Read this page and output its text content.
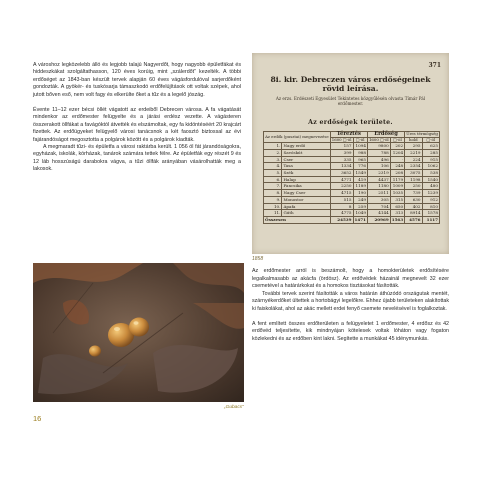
A városhoz legközelebb álló és legjobb talajú Nagyerdőt, hogy nagyobb épületfákat és hiddeszkákat szolgáltathasson, 120 éves korúig, mint „szálerdőt” kezelték. A többi erdőséget az 1843-ban készült tervek alapján 60 éves vágásfordulóval sarjerdőként gondozták. A gyökér- és tuskósarja támaszkodó erdőfelújítások ott voltak szépek, ahol jutott bőven eső, nem volt fagy és elkerülte őket a tűz és a legelő jószág.

Évente 11–12 ezer bécsi öllét vágatott az erdeiből Debrecen városa. A fa vágatását mindenkor az erdőmester felügyelte és a járási erdész vezette. A vágásteren összerakott öllfákat a favágóktól átvették és elszámoltak, egy fa kidöntéséért 20 krajcárt fizettek. Az erdőügyeket felügyelő városi tanácsnok a két faosztó biztossal az évi fajárandóságot megosztotta a polgárok között és a polgárok kiadták.

A megmaradt tűzi- és épületfa a városi raktárba került. 1 056 öl fát járandóságokra, egyházak, iskolák, kórházak, tanárok számára tettek félre. Az épületfák egy részét 9 és 12 láb hosszúságú darabokra vágva, a tűzi öllfák arányában vásárolhatták meg a lakosok.

371
8i. kir. Debreczen város erdőségeinek rövid leírása.
Az erzs. Erdészeti Egyesület Tekintetes közgyűlésén olvasta Tímár Pál erdőmester.
Az erdőségek területe.
Az erdők (pusztai) megnevezése		Téreztés		Erdőség		Üres térmögség	
		1600 □-öl	□-öl	1600 □-öl	□-öl	hold	□-öl
1.	Nagy erdő	157	1094	9800	202	295	625
2.	Savóskút	399	988	788	1204	2219	285
3.	Cser	335	965	496	·	224	915
4.	Tasa	1334	776	106	248	2354	1062
5.	Szék	3652	1549	2319	208	3075	538
6.	Halap	4771	419	4437	1179	1198	1540
7.	Fancsika	2250	1189	1180	1009	250	480
8.	Nagy Cser	4715	190	2511	1035	739	1239
9.	Monostor	515	249	305	315	630	912
10.	Apafa	8	259	704	650	402	810
11.	Gúth	4775	1049	4144	313	8914	1578
Összesen		24539	1471	20969	1563	4576	1117
1858
„Gubacs”

Az erdőmester arról is beszámolt, hogy a homokterületek erdősítésére legalkalmasabb az akácfa (ördösz). Az erdővédek házainál megnevelt 32 ezer csemetével a határárkokat és a homokos tisztásokat fásították.

További tervek szerint fásították a város határán áthúzódó országutak mentét, szárnyékerdőket ültettek a hortobágyi legelőkre. Ehhez újabb területeken alakítottak ki faiskolákat, ahol az akác mellett erdei fenyő csemete nevelésével is foglalkoztak.

A fent említett összes erdőterületen a felügyeletet 1 erdőmester, 4 erdősz és 42 erdővéd teljesítette, kik mindnyájan kötelesek voltak lóháton vagy fogaton közlekedni és az erdőben kint lakni. Segítette a munkákat 45 idénymunkás.

16
